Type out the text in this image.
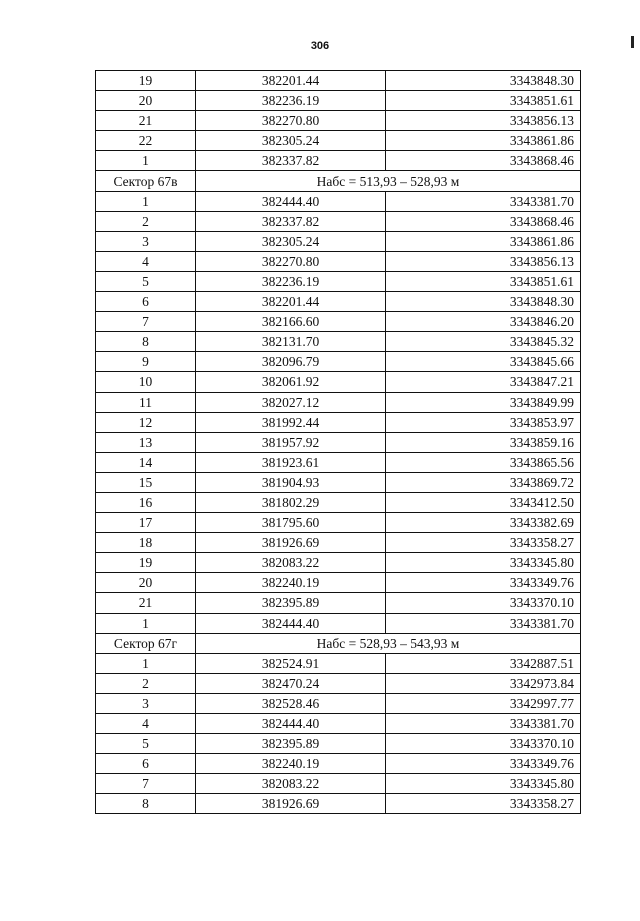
306
19	382201.44	3343848.30
20	382236.19	3343851.61
21	382270.80	3343856.13
22	382305.24	3343861.86
1	382337.82	3343868.46
Сектор 67в	Набс = 513,93 – 528,93 м	
1	382444.40	3343381.70
2	382337.82	3343868.46
3	382305.24	3343861.86
4	382270.80	3343856.13
5	382236.19	3343851.61
6	382201.44	3343848.30
7	382166.60	3343846.20
8	382131.70	3343845.32
9	382096.79	3343845.66
10	382061.92	3343847.21
11	382027.12	3343849.99
12	381992.44	3343853.97
13	381957.92	3343859.16
14	381923.61	3343865.56
15	381904.93	3343869.72
16	381802.29	3343412.50
17	381795.60	3343382.69
18	381926.69	3343358.27
19	382083.22	3343345.80
20	382240.19	3343349.76
21	382395.89	3343370.10
1	382444.40	3343381.70
Сектор 67г	Набс = 528,93 – 543,93 м	
1	382524.91	3342887.51
2	382470.24	3342973.84
3	382528.46	3342997.77
4	382444.40	3343381.70
5	382395.89	3343370.10
6	382240.19	3343349.76
7	382083.22	3343345.80
8	381926.69	3343358.27
